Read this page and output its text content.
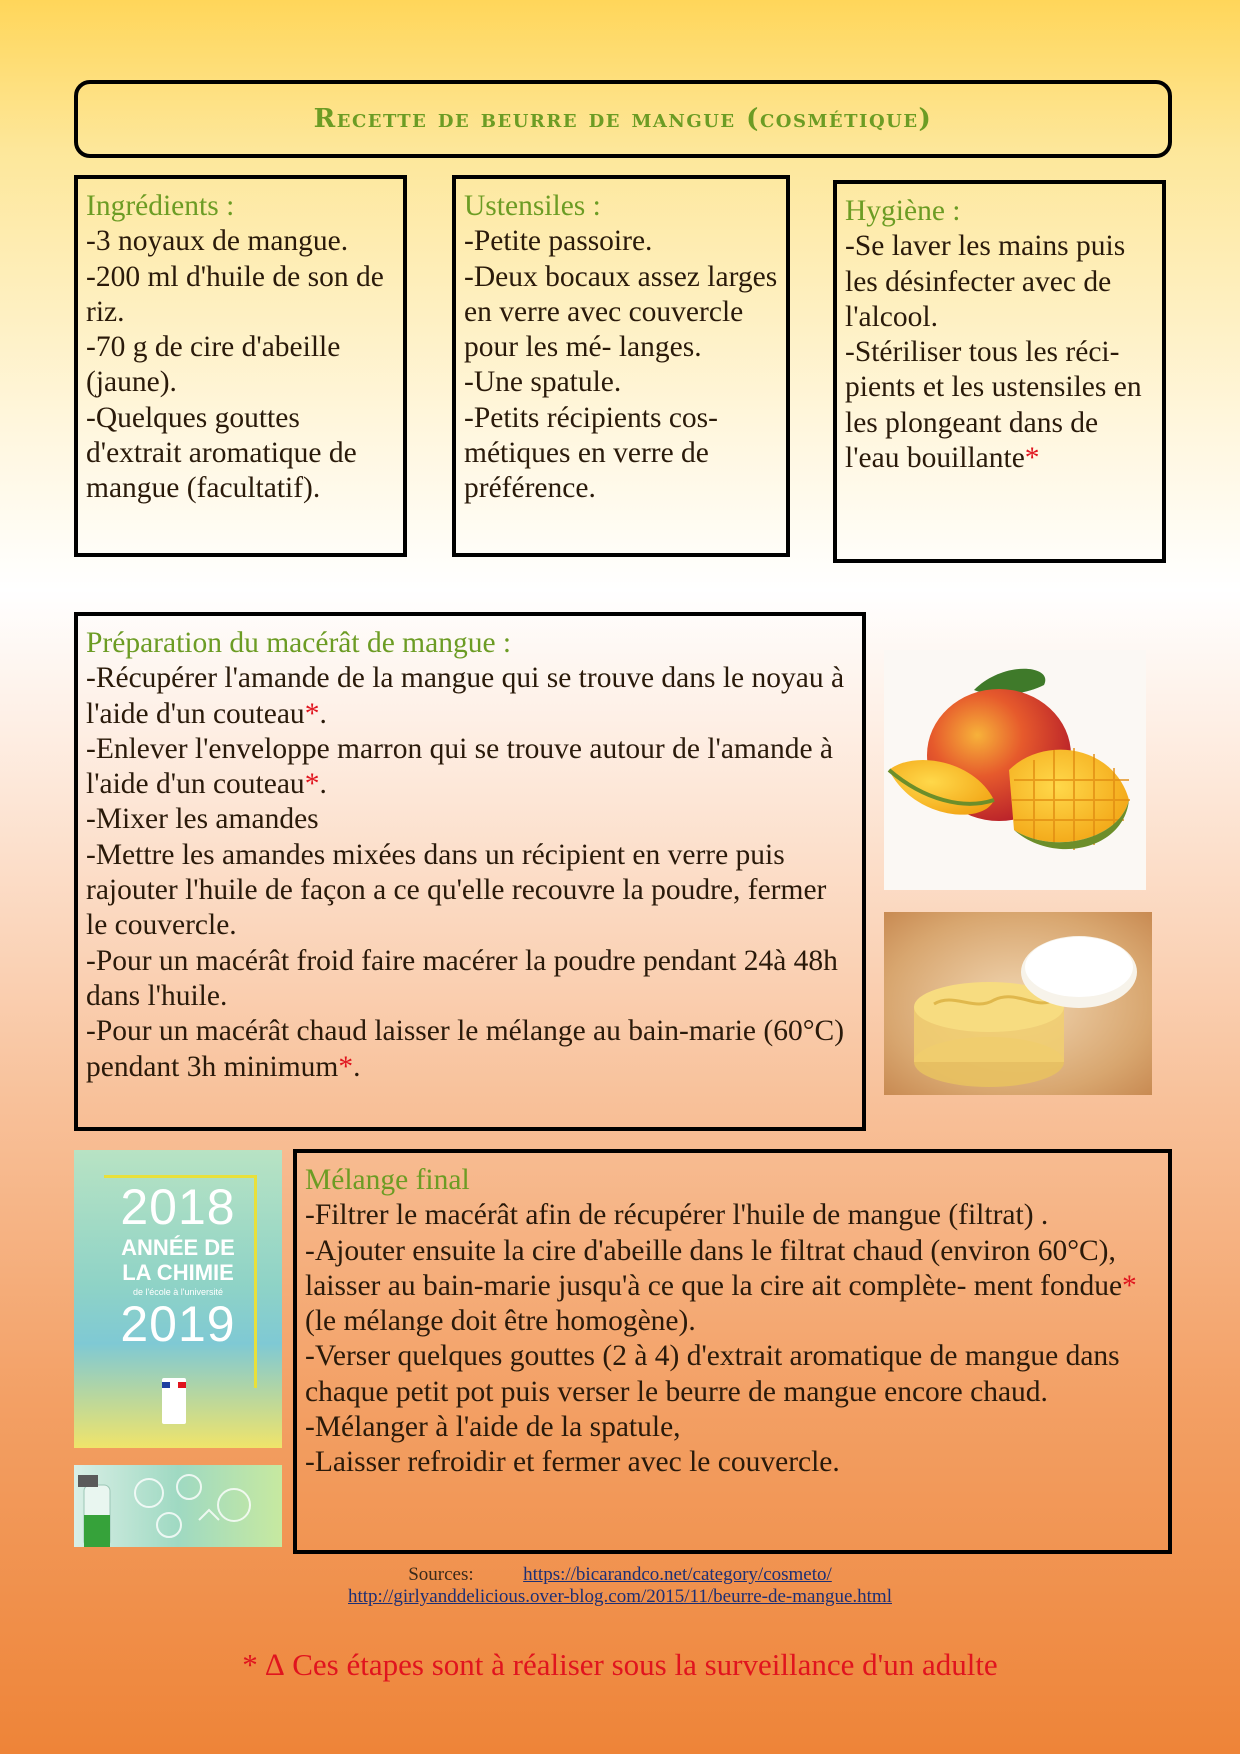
Recette de beurre de mangue (cosmétique)
Ingrédients :
-3 noyaux de mangue.
-200 ml d'huile de son de riz.
-70 g de cire d'abeille (jaune).
-Quelques gouttes d'extrait aromatique de mangue (facultatif).
Ustensiles :
-Petite passoire.
-Deux bocaux assez larges en verre avec couvercle pour les mé- langes.
-Une spatule.
-Petits récipients cos- métiques en verre de préférence.
Hygiène :
-Se laver les mains puis les désinfecter avec de l'alcool.
-Stériliser tous les réci- pients et les ustensiles en les plongeant dans de l'eau bouillante*
Préparation du macérât de mangue :
-Récupérer l'amande de la mangue qui se trouve dans le noyau à l'aide d'un couteau*.
-Enlever l'enveloppe marron qui se trouve autour de l'amande à l'aide d'un couteau*.
-Mixer les amandes
-Mettre les amandes mixées dans un récipient en verre puis rajouter l'huile de façon a ce qu'elle recouvre la poudre, fermer le couvercle.
-Pour un macérât froid faire macérer la poudre pendant 24à 48h dans l'huile.
-Pour un macérât chaud laisser le mélange au bain-marie (60°C) pendant 3h minimum*.
2018
ANNÉE DE
LA CHIMIE
de l'école à l'université
2019
Mélange final
-Filtrer le macérât afin de récupérer l'huile de mangue (filtrat) .
-Ajouter ensuite la cire d'abeille dans le filtrat chaud (environ 60°C), laisser au bain-marie jusqu'à ce que la cire ait complète- ment fondue* (le mélange doit être homogène).
-Verser quelques gouttes (2 à 4) d'extrait aromatique de mangue dans chaque petit pot puis verser le beurre de mangue encore chaud.
-Mélanger à l'aide de la spatule,
-Laisser refroidir et fermer avec le couvercle.
Sources:	https://bicarandco.net/category/cosmeto/
http://girlyanddelicious.over-blog.com/2015/11/beurre-de-mangue.html
* ∆ Ces étapes sont à réaliser sous la surveillance d'un adulte
